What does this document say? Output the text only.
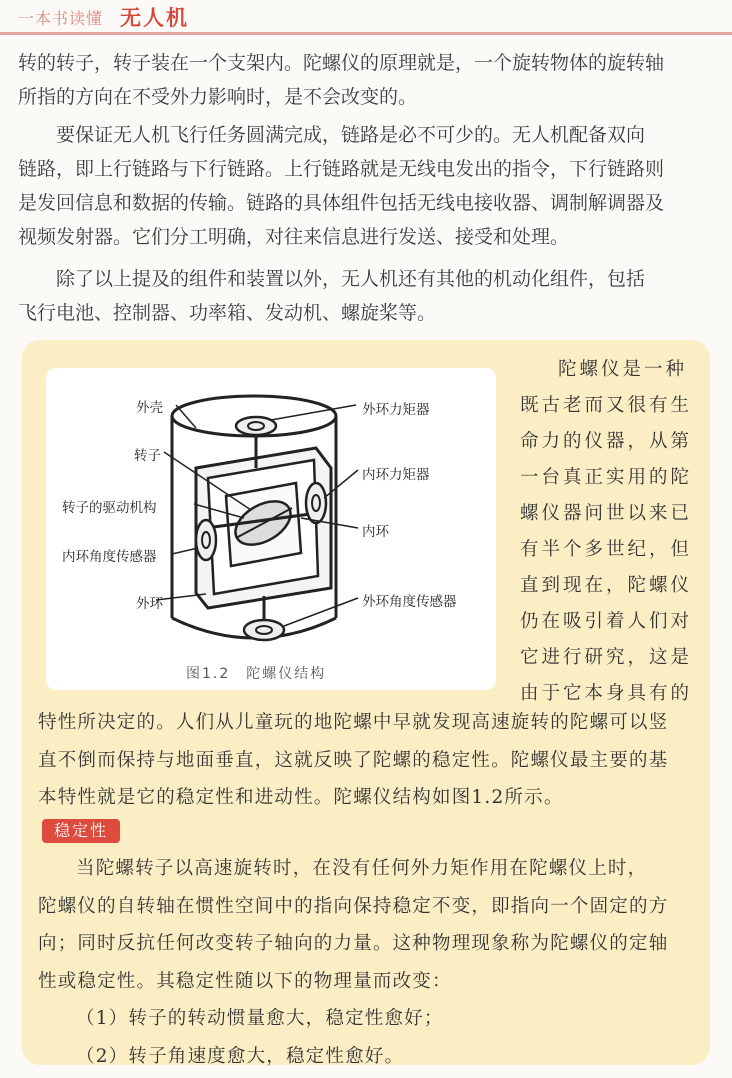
一本书读懂 无人机
转的转子，转子装在一个支架内。陀螺仪的原理就是，一个旋转物体的旋转轴
所指的方向在不受外力影响时，是不会改变的。
要保证无人机飞行任务圆满完成，链路是必不可少的。无人机配备双向
链路，即上行链路与下行链路。上行链路就是无线电发出的指令，下行链路则
是发回信息和数据的传输。链路的具体组件包括无线电接收器、调制解调器及
视频发射器。它们分工明确，对往来信息进行发送、接受和处理。
除了以上提及的组件和装置以外，无人机还有其他的机动化组件，包括
飞行电池、控制器、功率箱、发动机、螺旋桨等。
外壳	外环力矩器
转子
内环力矩器
转子的驱动机构
内环
内环角度传感器
外环	外环角度传感器
图1.2　陀螺仪结构
陀螺仪是一种
既古老而又很有生
命力的仪器，从第
一台真正实用的陀
螺仪器问世以来已
有半个多世纪，但
直到现在，陀螺仪
仍在吸引着人们对
它进行研究，这是
由于它本身具有的
特性所决定的。人们从儿童玩的地陀螺中早就发现高速旋转的陀螺可以竖
直不倒而保持与地面垂直，这就反映了陀螺的稳定性。陀螺仪最主要的基
本特性就是它的稳定性和进动性。陀螺仪结构如图1.2所示。
稳定性
当陀螺转子以高速旋转时，在没有任何外力矩作用在陀螺仪上时，
陀螺仪的自转轴在惯性空间中的指向保持稳定不变，即指向一个固定的方
向；同时反抗任何改变转子轴向的力量。这种物理现象称为陀螺仪的定轴
性或稳定性。其稳定性随以下的物理量而改变：
（1）转子的转动惯量愈大，稳定性愈好；
（2）转子角速度愈大，稳定性愈好。
